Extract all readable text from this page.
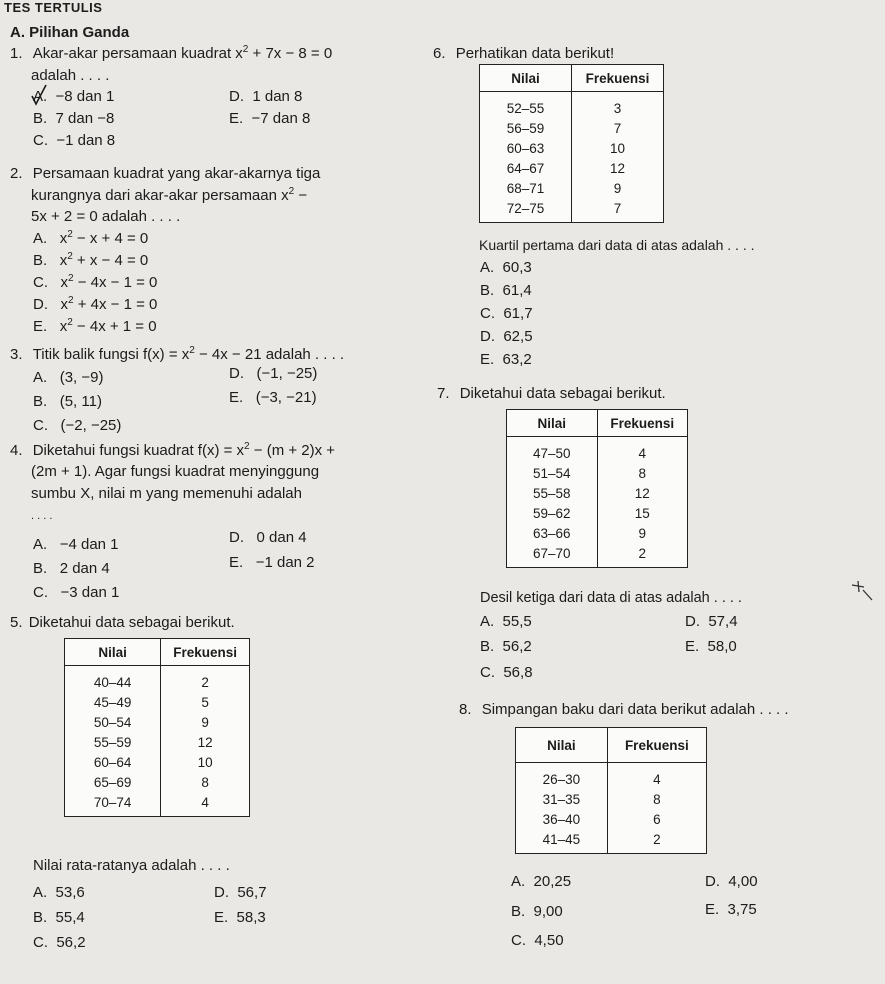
TES TERTULIS
A. Pilihan Ganda
1. Akar-akar persamaan kuadrat $x^2 + 7x - 8 = 0$
adalah . . . .
A. −8 dan 1
B. 7 dan −8
C. −1 dan 8
D. 1 dan 8
E. −7 dan 8
2. Persamaan kuadrat yang akar-akarnya tiga
kurangnya dari akar-akar persamaan $x^2$ −
5x + 2 = 0 adalah . . . .
A. $x^2 - x + 4 = 0$
B. $x^2 + x - 4 = 0$
C. $x^2 - 4x - 1 = 0$
D. $x^2 + 4x - 1 = 0$
E. $x^2 - 4x + 1 = 0$
3. Titik balik fungsi $f(x) = x^2 - 4x - 21$ adalah . . . .
A. (3, −9)
B. (5, 11)
C. (−2, −25)
D. (−1, −25)
E. (−3, −21)
4. Diketahui fungsi kuadrat $f(x) = x^2 - (m + 2)x$ +
(2m + 1). Agar fungsi kuadrat menyinggung
sumbu X, nilai m yang memenuhi adalah
. . . .
A. −4 dan 1
B. 2 dan 4
C. −3 dan 1
D. 0 dan 4
E. −1 dan 2
5. Diketahui data sebagai berikut.
Nilai	Frekuensi
40–44	2
45–49	5
50–54	9
55–59	12
60–64	10
65–69	8
70–74	4
Nilai rata-ratanya adalah . . . .
A. 53,6
B. 55,4
C. 56,2
D. 56,7
E. 58,3
6. Perhatikan data berikut!
Nilai	Frekuensi
52–55	3
56–59	7
60–63	10
64–67	12
68–71	9
72–75	7
Kuartil pertama dari data di atas adalah . . . .
A. 60,3
B. 61,4
C. 61,7
D. 62,5
E. 63,2
7. Diketahui data sebagai berikut.
Nilai	Frekuensi
47–50	4
51–54	8
55–58	12
59–62	15
63–66	9
67–70	2
Desil ketiga dari data di atas adalah . . . .
A. 55,5
B. 56,2
C. 56,8
D. 57,4
E. 58,0
8. Simpangan baku dari data berikut adalah . . . .
Nilai	Frekuensi
26–30	4
31–35	8
36–40	6
41–45	2
A. 20,25
B. 9,00
C. 4,50
D. 4,00
E. 3,75
